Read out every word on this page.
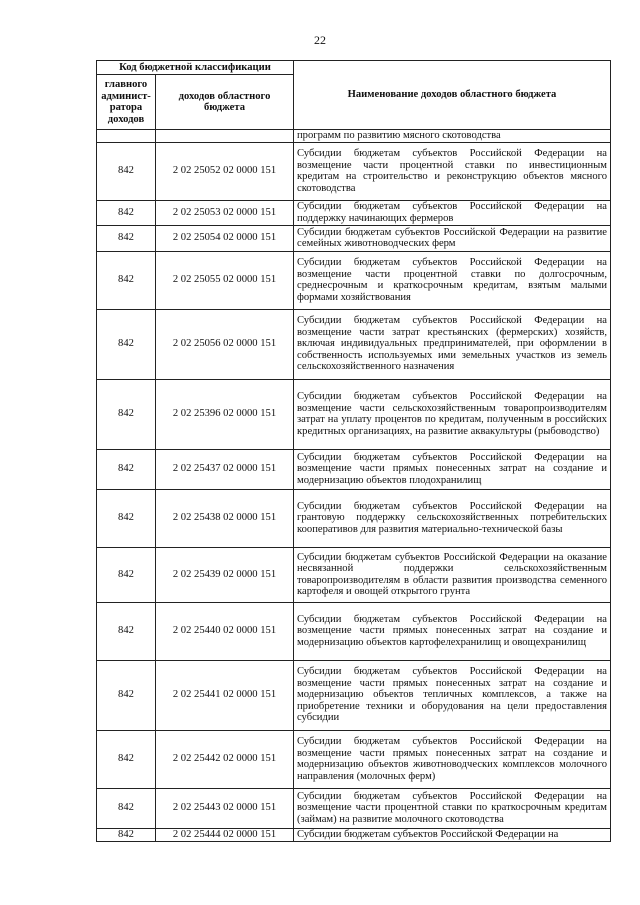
22
Код бюджетной классификации		Наименование доходов областного бюджета
главного админист-ратора доходов	доходов областного бюджета	
		программ по развитию мясного скотоводства
842	2 02 25052 02 0000 151	Субсидии бюджетам субъектов Российской Федерации на возмещение части процентной ставки по инвестиционным кредитам на строительство и реконструкцию объектов мясного скотоводства
842	2 02 25053 02 0000 151	Субсидии бюджетам субъектов Российской Федерации на поддержку начинающих фермеров
842	2 02 25054 02 0000 151	Субсидии бюджетам субъектов Российской Федерации на развитие семейных животноводческих ферм
842	2 02 25055 02 0000 151	Субсидии бюджетам субъектов Российской Федерации на возмещение части процентной ставки по долгосрочным, среднесрочным и краткосрочным кредитам, взятым малыми формами хозяйствования
842	2 02 25056 02 0000 151	Субсидии бюджетам субъектов Российской Федерации на возмещение части затрат крестьянских (фермерских) хозяйств, включая индивидуальных предпринимателей, при оформлении в собственность используемых ими земельных участков из земель сельскохозяйственного назначения
842	2 02 25396 02 0000 151	Субсидии бюджетам субъектов Российской Федерации на возмещение части сельскохозяйственным товаропроизводителям затрат на уплату процентов по кредитам, полученным в российских кредитных организациях, на развитие аквакультуры (рыбоводство)
842	2 02 25437 02 0000 151	Субсидии бюджетам субъектов Российской Федерации на возмещение части прямых понесенных затрат на создание и модернизацию объектов плодохранилищ
842	2 02 25438 02 0000 151	Субсидии бюджетам субъектов Российской Федерации на грантовую поддержку сельскохозяйственных потребительских кооперативов для развития материально-технической базы
842	2 02 25439 02 0000 151	Субсидии бюджетам субъектов Российской Федерации на оказание несвязанной поддержки сельскохозяйственным товаропроизводителям в области развития производства семенного картофеля и овощей открытого грунта
842	2 02 25440 02 0000 151	Субсидии бюджетам субъектов Российской Федерации на возмещение части прямых понесенных затрат на создание и модернизацию объектов картофелехранилищ и овощехранилищ
842	2 02 25441 02 0000 151	Субсидии бюджетам субъектов Российской Федерации на возмещение части прямых понесенных затрат на создание и модернизацию объектов тепличных комплексов, а также на приобретение техники и оборудования на цели предоставления субсидии
842	2 02 25442 02 0000 151	Субсидии бюджетам субъектов Российской Федерации на возмещение части прямых понесенных затрат на создание и модернизацию объектов животноводческих комплексов молочного направления (молочных ферм)
842	2 02 25443 02 0000 151	Субсидии бюджетам субъектов Российской Федерации на возмещение части процентной ставки по краткосрочным кредитам (займам) на развитие молочного скотоводства
842	2 02 25444 02 0000 151	Субсидии бюджетам субъектов Российской Федерации на
